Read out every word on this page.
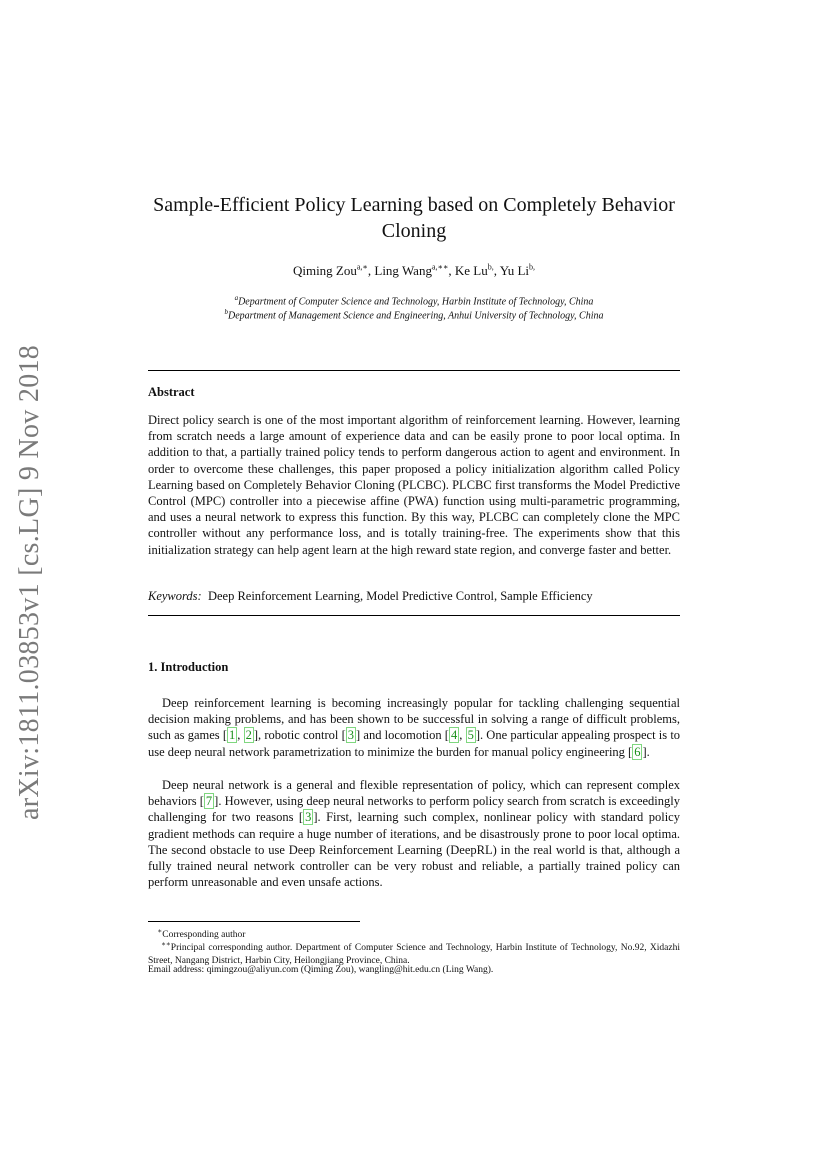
arXiv:1811.03853v1 [cs.LG] 9 Nov 2018
Sample-Efficient Policy Learning based on Completely Behavior
Cloning
Qiming Zou$^{a,∗}$, Ling Wang$^{a,∗∗}$, Ke $Lu^{b,}$, Yu $Li^{b,}$
$^a$Department of Computer Science and Technology, Harbin Institute of Technology, China
$^b$Department of Management Science and Engineering, Anhui University of Technology, China
Abstract
Direct policy search is one of the most important algorithm of reinforcement learning. However, learning from scratch needs a large amount of experience data and can be easily prone to poor local optima. In addition to that, a partially trained policy tends to perform dangerous action to agent and environment. In order to overcome these challenges, this paper proposed a policy initialization algorithm called Policy Learning based on Completely Behavior Cloning (PLCBC). PLCBC first transforms the Model Predictive Control (MPC) controller into a piecewise affine (PWA) function using multi-parametric programming, and uses a neural network to express this function. By this way, PLCBC can completely clone the MPC controller without any performance loss, and is totally training-free. The experiments show that this initialization strategy can help agent learn at the high reward state region, and converge faster and better.
Keywords: Deep Reinforcement Learning, Model Predictive Control, Sample Efficiency
1. Introduction
Deep reinforcement learning is becoming increasingly popular for tackling challenging sequential decision making problems, and has been shown to be successful in solving a range of difficult problems, such as games [ 1 , 2 ], robotic control [ 3 ] and locomotion [ 4 , 5 ]. One particular appealing prospect is to use deep neural network parametrization to minimize the burden for manual policy engineering [ 6 ].
Deep neural network is a general and flexible representation of policy, which can represent complex behaviors [ 7 ]. However, using deep neural networks to perform policy search from scratch is exceedingly challenging for two reasons [ 3 ]. First, learning such complex, nonlinear policy with standard policy gradient methods can require a huge number of iterations, and be disastrously prone to poor local optima. The second obstacle to use Deep Reinforcement Learning (DeepRL) in the real world is that, although a fully trained neural network controller can be very robust and reliable, a partially trained policy can perform unreasonable and even unsafe actions.
∗Corresponding author
∗∗Principal corresponding author. Department of Computer Science and Technology, Harbin Institute of Technology, No.92, Xidazhi Street, Nangang District, Harbin City, Heilongjiang Province, China.
Email address: qimingzou@aliyun.com (Qiming Zou), wangling@hit.edu.cn (Ling Wang).
